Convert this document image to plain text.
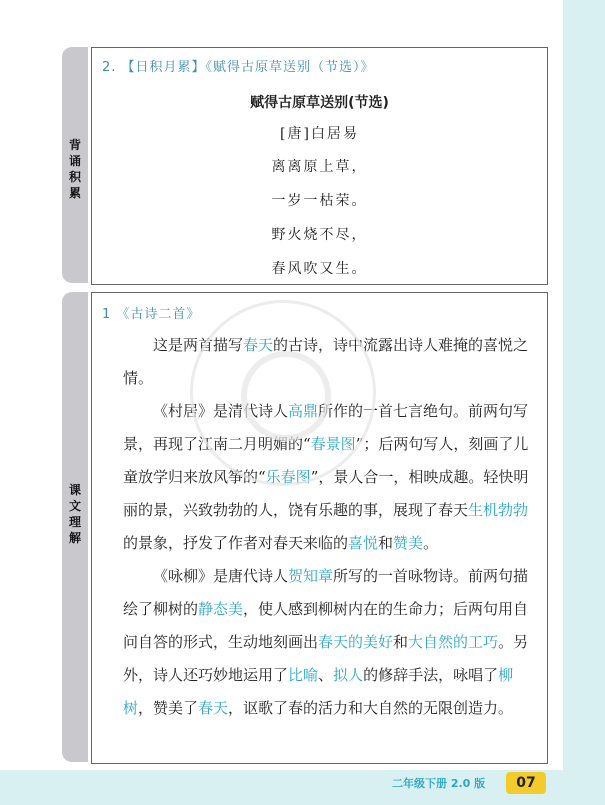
背
诵
积
累
课
文
理
解
2. 【日积月累】《赋得古原草送别（节选）》
赋得古原草送别(节选)
[唐]白居易
离离原上草，
一岁一枯荣。
野火烧不尽，
春风吹又生。
1 《古诗二首》

这是两首描写春天的古诗，诗中流露出诗人难掩的喜悦之情。

《村居》是清代诗人高鼎所作的一首七言绝句。前两句写景，再现了江南二月明媚的“春景图”；后两句写人，刻画了儿童放学归来放风筝的“乐春图”，景人合一，相映成趣。轻快明丽的景，兴致勃勃的人，饶有乐趣的事，展现了春天生机勃勃的景象，抒发了作者对春天来临的喜悦和赞美。

《咏柳》是唐代诗人贺知章所写的一首咏物诗。前两句描绘了柳树的静态美，使人感到柳树内在的生命力；后两句用自问自答的形式，生动地刻画出春天的美好和大自然的工巧。另外，诗人还巧妙地运用了比喻、拟人的修辞手法，咏唱了柳树，赞美了春天，讴歌了春的活力和大自然的无限创造力。

二年级下册 2.0 版	07
